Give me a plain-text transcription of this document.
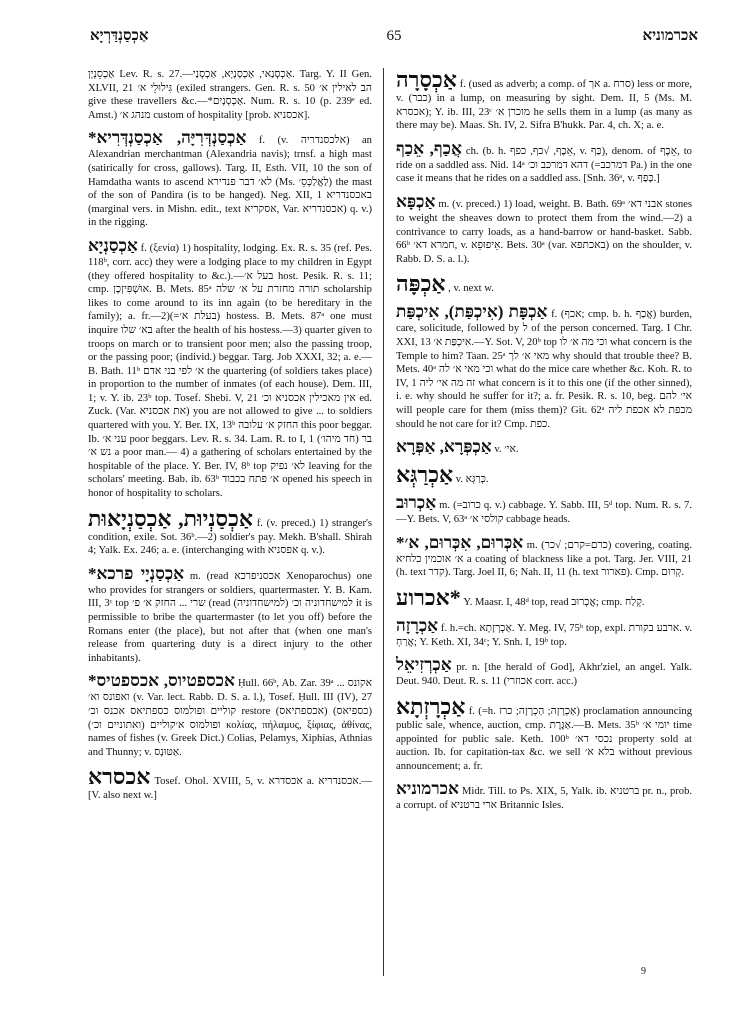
אַכְסַנְדַּרְיָא	65	אכרמוניא
אַכְסֵנְיָן Lev. R. s. 27.—אַכְסְנַאי, אַכְסַנְיָא, אַכְסְנַי. Targ. Y. II Gen. XLVII, 21 גִּילוּלֵי א׳ (exiled strangers. Gen. R. s. 50 הב לאילין א׳ give these travellers &c.—*אַכְסְנָיִם. Num. R. s. 10 (p. 239ᵉ ed. Amst.) מנהג א׳ custom of hospitality [prob. אכסניא].
*אַכְסַנְדְּרִיָּה, אַכְסַנְדְּרִיא f. (v. אלכסנדריה) an Alexandrian merchantman (Alexandria navis); trnsf. a high mast (satirically for cross, gallows). Targ. II, Esth. VII, 10 the son of Hamdatha wants to ascend לא׳ דבר פנדירא (Ms. לַאֲלַכְּסֵ׳) the mast of the son of Pandira (is to be hanged). Neg. XII, 1 באכסנדריא (marginal vers. in Mishn. edit., text אסקריא, Var. אכסנדריא) q. v.) in the rigging.
אַכְסַנְיָא f. (ξενία) 1) hospitality, lodging. Ex. R. s. 35 (ref. Pes. 118ᵇ, corr. acc) they were a lodging place to my children in Egypt (they offered hospitality to &c.).—בעל א׳ host. Pesik. R. s. 11; cmp. אוּשְׁפִּיזְכָן. B. Mets. 85ᵃ תורה מחזרת על א׳ שלה scholarship likes to come around to its inn again (to be hereditary in the family); a. fr.—2)(=בעלת א׳) hostess. B. Mets. 87ᵃ one must inquire בא׳ שלו after the health of his hostess.—3) quarter given to troops on march or to transient poor men; also the passing troop, or the passing poor; (individ.) beggar. Targ. Job XXXI, 32; a. e.—B. Bath. 11ᵇ א׳ לפי בני אדם the quartering (of soldiers takes place) in proportion to the number of inmates (of each house). Dem. III, 1; v. Y. ib. 23ᵇ top. Tosef. Shebi. V, 21 אין מאכילין אכסניא וכ׳ ed. Zuck. (Var. את אכסניא) you are not allowed to give ... to soldiers quartered with you. Y. Ber. IX, 13ᵇ החזק א׳ עלובה this poor beggar. Ib. עני א׳ poor beggars. Lev. R. s. 34. Lam. R. to I, 1 (חד מיהו׳) בר נש א׳ a poor man.— 4) a gathering of scholars entertained by the hospitable of the place. Y. Ber. IV, 8ᵇ top לא׳ נפיק leaving for the scholars' meeting. Bab. ib. 63ᵇ א׳ פתח בכבוד opened his speech in honor of hospitality to scholars.
אַכְסַנְיוּת, אַכְסַנְיָאוּת f. (v. preced.) 1) stranger's condition, exile. Sot. 36ᵇ.—2) soldier's pay. Mekh. B'shall. Shirah 4; Yalk. Ex. 246; a. e. (interchanging with אפסניא q. v.).
*אַכְסַנְיָי פרכא m. (read אכסניפרכא Xenoparochus) one who provides for strangers or soldiers, quartermaster. Y. B. Kam. III, 3ᶜ top שרי ... החזק א׳ פ׳ (read למישחדוניה וכ׳ (למישחדוניה) it is permissible to bribe the quartermaster (to let you off) before the Romans enter (the place), but not after that (when one man's release from quartering duty is a direct injury to the other inhabitants).
*אכספטיוס, אכספטיס Ḥull. 66ᵇ, Ab. Zar. 39ᵃ ... אקונס ואפונס וא׳ (v. Var. lect. Rabb. D. S. a. l.), Tosef. Ḥull. III (IV), 27 קוליים ופולמוס כספתיאס אכנס וכ׳ restore (אכספתיאס) (כספיאס) ופולמוס א׳קוליים (ואתוניים וכ׳) κολίας, πήλαμυς, ξίφιας, ἀθίνας, names of fishes (v. Greek Dict.) Colias, Pelamys, Xiphias, Athnias and Thunny; v. אַטּוּנָס.
אכסרא Tosef. Ohol. XVIII, 5, v. אכסדרא a. אכסנדריא.—[V. also next w.]
אַכְסָרָה f. (used as adverb; a comp. of אך a. סרח) less or more, v. (כבר) in a lump, on measuring by sight. Dem. II, 5 (Ms. M. אכסרא); Y. ib. III, 23ᶜ מוכרן א׳ he sells them in a lump (as many as there may be). Maas. Sh. IV, 2. Sifra B'hukk. Par. 4, ch. X; a. e.
אֲכַף, אֵכַף ch. (b. h. אֵכֶף, √כף, כפף, v. כַּף), denom. of אֵכֶף, to ride on a saddled ass. Nid. 14ᵃ דהא דמרכב וכ׳ (=דמרכב Pa.) in the one case it means that he rides on a saddled ass. [Snh. 36ᵃ, v. כָּפַף.]
אַכְפָּא m. (v. preced.) 1) load, weight. B. Bath. 69ᵃ אבני דא׳ stones to weight the sheaves down to protect them from the wind.—2) a contrivance to carry loads, as a hand-barrow or hand-basket. Sabb. 66ᵇ חמרא דא׳, v. אֵיפוּפֵא. Bets. 30ᵃ (var. באכתפא) on the shoulder, v. Rabb. D. S. a. l.).
אַכְפָּה , v. next w.
אַכְפָּת (אִיכְפַּת), אִיכְפַּת f. (אכף; cmp. b. h. אֲכַף) burden, care, solicitude, followed by ל of the person concerned. Targ. I Chr. XXI, 13 אִיכְפַּת א׳.—Y. Sot. V, 20ᵇ top וכי מה א׳ לו what concern is the Temple to him? Taan. 25ᵃ מאי א׳ לך why should that trouble thee? B. Mets. 40ᵃ וכי מאי א׳ לה what do the mice care whether &c. Koh. R. to IV, 1 זה מה אי׳ ליה what concern is it to this one (if the other sinned), i. e. why should he suffer for it?; a. fr. Pesik. R. s. 10, beg. אי׳ להם will people care for them (miss them)? Git. 62ᵃ מכפת לא אכפת ליה should he not care for it? Cmp. כפת.
אַכְפְּרָא, אַפְּרָא v. אי׳.
אַכְרַגְּא v. כְּרַגְּא.
אַכְרוּב m. (=כרוב q. v.) cabbage. Y. Sabb. III, 5ᵈ top. Num. R. s. 7.—Y. Bets. V, 63ᵃ קולסי א׳ cabbage heads.
*אִכְּרוּם, אִכְּרוּם, א׳ m. (כרם=קרם; √כר) covering, coating. א׳ אוכמין כלחיא a coating of blackness like a pot. Targ. Jer. VIII, 21 (h. text קדר). Targ. Joel II, 6; Nah. II, 11 (h. text פארור). Cmp. קְרוּם.
אכרוע* Y. Maasr. I, 48ᵈ top, read אֲכְרוּב; cmp. קָלַח.
אַכְרָזָה f. h.=ch. אַכְרְזָתָא. Y. Meg. IV, 75ᵇ top, expl. ארבע בקורת. v. אֲרַחְ; Y. Keth. XI, 34ᶜ; Y. Snh. I, 19ᵇ top.
אַכְרְזִיאֵל pr. n. [the herald of God], Akhr'ziel, an angel. Yalk. Deut. 940. Deut. R. s. 11 (אכוזרי corr. acc.)
אַכְרָזְתָא f. (=h. אַכְרָזָה; הַכְרָזָה; כרז) proclamation announcing public sale, whence, auction, cmp. אַגֶּרֶת.—B. Mets. 35ᵇ יומי א׳ time appointed for public sale. Keth. 100ᵇ נכסי דא׳ property sold at auction. Ib. for capitation-tax &c. we sell בלא א׳ without previous announcement; a. fr.
אכרמוניא Midr. Till. to Ps. XIX, 5, Yalk. ib. ברטניא pr. n., prob. a corrupt. of ארי ברטניא Britannic Isles.
9
